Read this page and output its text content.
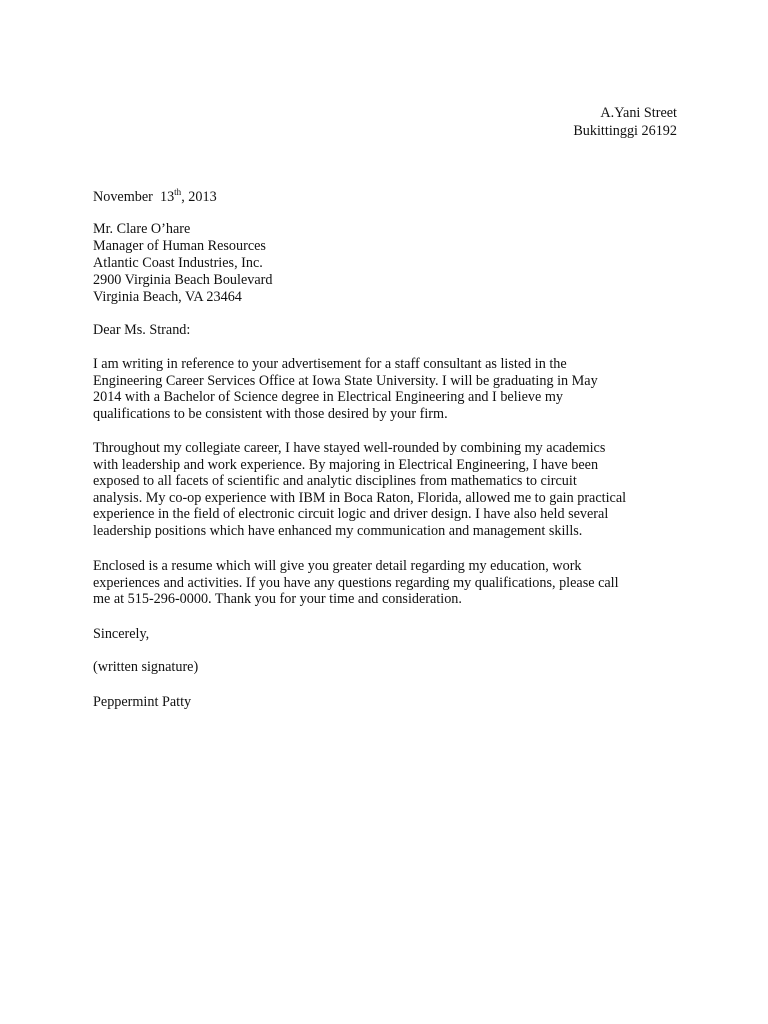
A.Yani Street
Bukittinggi 26192
November 13th, 2013
Mr. Clare O’hare
Manager of Human Resources
Atlantic Coast Industries, Inc.
2900 Virginia Beach Boulevard
Virginia Beach, VA 23464
Dear Ms. Strand:
I am writing in reference to your advertisement for a staff consultant as listed in the
Engineering Career Services Office at Iowa State University. I will be graduating in May
2014 with a Bachelor of Science degree in Electrical Engineering and I believe my
qualifications to be consistent with those desired by your firm.
Throughout my collegiate career, I have stayed well-rounded by combining my academics
with leadership and work experience. By majoring in Electrical Engineering, I have been
exposed to all facets of scientific and analytic disciplines from mathematics to circuit
analysis. My co-op experience with IBM in Boca Raton, Florida, allowed me to gain practical
experience in the field of electronic circuit logic and driver design. I have also held several
leadership positions which have enhanced my communication and management skills.
Enclosed is a resume which will give you greater detail regarding my education, work
experiences and activities. If you have any questions regarding my qualifications, please call
me at 515-296-0000. Thank you for your time and consideration.
Sincerely,
(written signature)
Peppermint Patty
